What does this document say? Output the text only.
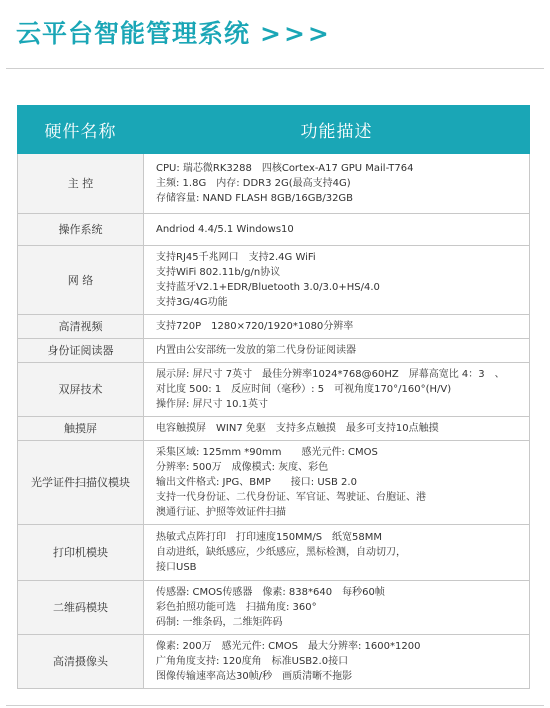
云平台智能管理系统 >>>
硬件名称	功能描述
主 控	CPU: 瑞芯微RK3288　四核Cortex-A17 GPU Mail-T764
主频: 1.8G　内存: DDR3 2G(最高支持4G)
存储容量: NAND FLASH 8GB/16GB/32GB

操作系统	Andriod 4.4/5.1 Windows10

网 络	支持RJ45千兆网口　支持2.4G WiFi
支持WiFi 802.11b/g/n协议
支持蓝牙V2.1+EDR/Bluetooth 3.0/3.0+HS/4.0
支持3G/4G功能

高清视频	支持720P　1280×720/1920*1080分辨率

身份证阅读器	内置由公安部统一发放的第二代身份证阅读器

双屏技术	展示屏: 屏尺寸 7英寸　最佳分辨率1024*768@60HZ　屏幕高宽比 4：3　、
对比度 500: 1　反应时间（毫秒）: 5　可视角度170°/160°(H/V)
操作屏: 屏尺寸 10.1英寸

触摸屏	电容触摸屏　WIN7 免驱　支持多点触摸　最多可支持10点触摸

光学证件扫描仪模块	采集区域: 125mm *90mm　　感光元件: CMOS
分辨率: 500万　成像模式: 灰度、彩色
输出文件格式: JPG、BMP　　接口: USB 2.0
支持一代身份证、二代身份证、军官证、驾驶证、台胞证、港
澳通行证、护照等效证件扫描

打印机模块	热敏式点阵打印　打印速度150MM/S　纸宽58MM
自动进纸，缺纸感应，少纸感应，黑标检测，自动切刀，
接口USB

二维码模块	传感器: CMOS传感器　像素: 838*640　每秒60帧
彩色拍照功能可选　扫描角度: 360°
码制: 一维条码，二维矩阵码

高清摄像头	像素: 200万　感光元件: CMOS　最大分辨率: 1600*1200
广角角度支持: 120度角　标准USB2.0接口
图像传输速率高达30帧/秒　画质清晰不拖影
